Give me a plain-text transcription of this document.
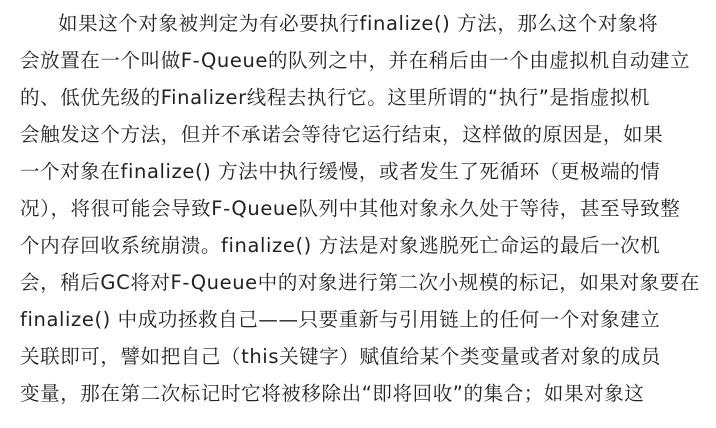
如果这个对象被判定为有必要执行finalize() 方法，那么这个对象将

会放置在一个叫做F-Queue的队列之中，并在稍后由一个由虚拟机自动建立

的、低优先级的Finalizer线程去执行它。这里所谓的“执行”是指虚拟机

会触发这个方法，但并不承诺会等待它运行结束，这样做的原因是，如果

一个对象在finalize() 方法中执行缓慢，或者发生了死循环（更极端的情

况），将很可能会导致F-Queue队列中其他对象永久处于等待，甚至导致整

个内存回收系统崩溃。finalize() 方法是对象逃脱死亡命运的最后一次机

会，稍后GC将对F-Queue中的对象进行第二次小规模的标记，如果对象要在

finalize() 中成功拯救自己——只要重新与引用链上的任何一个对象建立

关联即可，譬如把自己（this关键字）赋值给某个类变量或者对象的成员

变量，那在第二次标记时它将被移除出“即将回收”的集合；如果对象这
